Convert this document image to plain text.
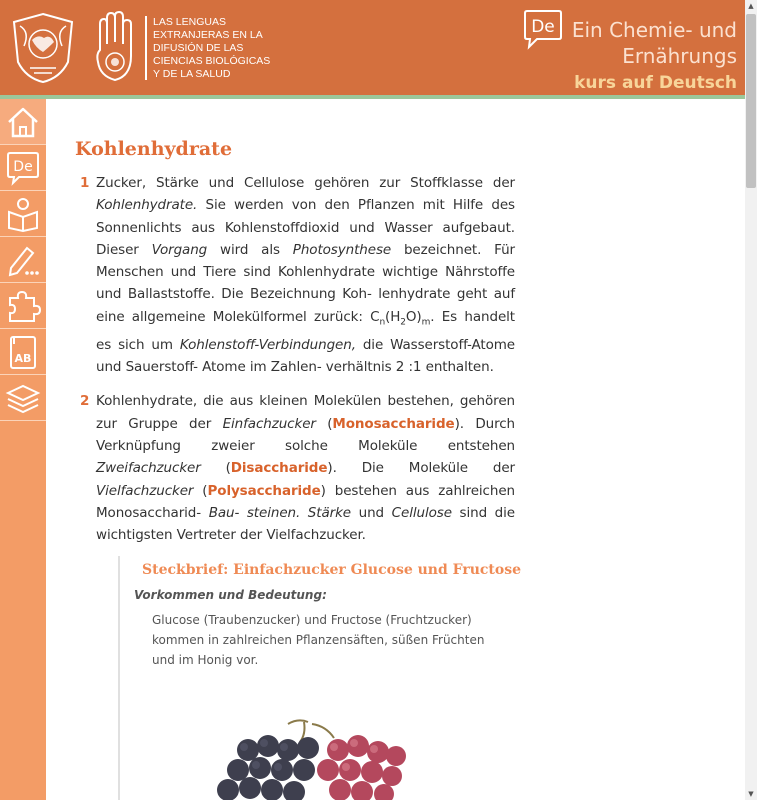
LAS LENGUAS
EXTRANJERAS EN LA
DIFUSIÓN DE LAS
CIENCIAS BIOLÓGICAS
Y DE LA SALUD
De Ein Chemie- und
Ernährungs
kurs auf Deutsch
De
AB
Kohlenhydrate
1 Zucker, Stärke und Cellulose gehören zur Stoffklasse der Kohlenhydrate. Sie werden von den Pflanzen mit Hilfe des Sonnenlichts aus Kohlenstoffdioxid und Wasser aufgebaut. Dieser Vorgang wird als Photosynthese bezeichnet. Für Menschen und Tiere sind Kohlenhydrate wichtige Nährstoffe und Ballaststoffe. Die Bezeichnung Koh- lenhydrate geht auf eine allgemeine Molekülformel zurück: $C_n(H_2O)_m$. Es handelt es sich um Kohlenstoff-Verbindungen, die Wasserstoff-Atome und Sauerstoff- Atome im Zahlen- verhältnis 2 :1 enthalten.
2 Kohlenhydrate, die aus kleinen Molekülen bestehen, gehören zur Gruppe der Einfachzucker (Monosaccharide). Durch Verknüpfung zweier solche Moleküle entstehen Zweifachzucker (Disaccharide). Die Moleküle der Vielfachzucker (Polysaccharide) bestehen aus zahlreichen Monosaccharid- Bau- steinen. Stärke und Cellulose sind die wichtigsten Vertreter der Vielfachzucker.
Steckbrief: Einfachzucker Glucose und Fructose
Vorkommen und Bedeutung:
Glucose (Traubenzucker) und Fructose (Fruchtzucker) kommen in zahlreichen Pflanzensäften, süßen Früchten und im Honig vor.
▲
▼
